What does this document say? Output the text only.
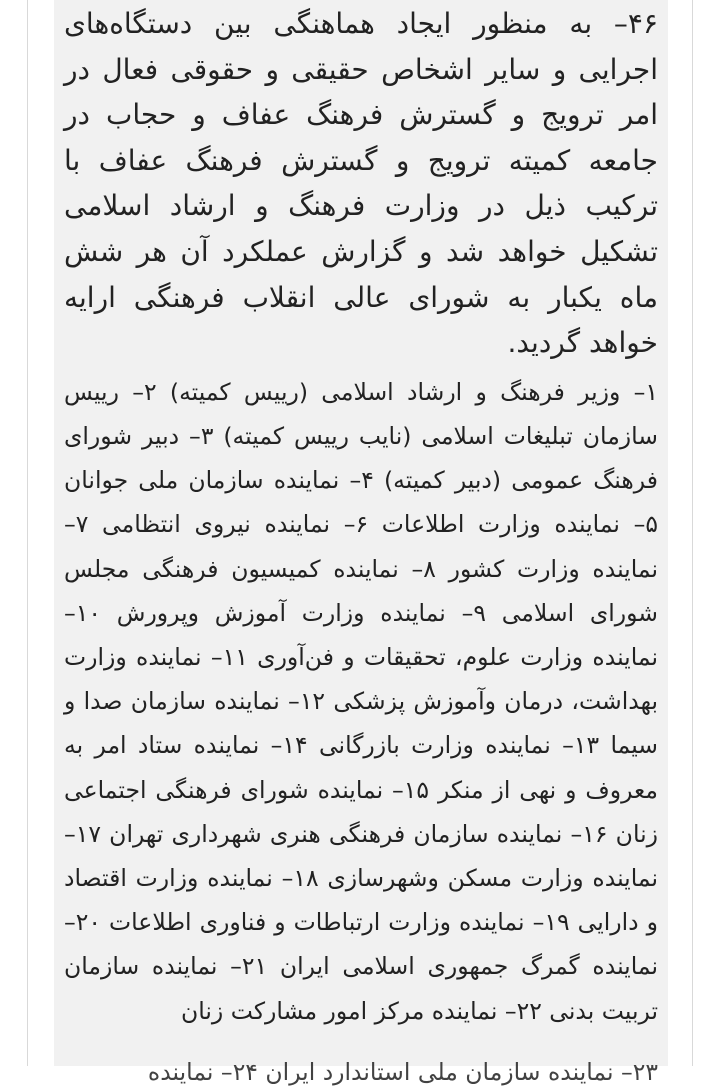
۴۶– به منظور ایجاد هماهنگی بین دستگاه‌های اجرایی و سایر اشخاص حقیقی و حقوقی فعال در امر ترویج و گسترش فرهنگ عفاف و حجاب در جامعه کمیته ترویج و گسترش فرهنگ عفاف با ترکیب ذیل در وزارت فرهنگ و ارشاد اسلامی تشکیل خواهد شد و گزارش عملکرد آن هر شش ماه یکبار به شورای عالی انقلاب فرهنگی ارایه خواهد گردید.

۱– وزیر فرهنگ و ارشاد اسلامی (رییس کمیته) ۲– رییس سازمان تبلیغات اسلامی (نایب رییس کمیته) ۳– دبیر شورای فرهنگ عمومی (دبیر کمیته) ۴– نماینده سازمان ملی جوانان ۵– نماینده وزارت اطلاعات ۶– نماینده نیروی انتظامی ۷– نماینده وزارت کشور ۸– نماینده کمیسیون فرهنگی مجلس شورای اسلامی ۹– نماینده وزارت آموزش وپرورش ۱۰– نماینده وزارت علوم، تحقیقات و فن‌آوری ۱۱– نماینده وزارت بهداشت، درمان وآموزش پزشکی ۱۲– نماینده سازمان صدا و سیما ۱۳– نماینده وزارت بازرگانی ۱۴– نماینده ستاد امر به معروف و نهی از منکر ۱۵– نماینده شورای فرهنگی اجتماعی زنان ۱۶– نماینده سازمان فرهنگی هنری شهرداری تهران ۱۷– نماینده وزارت مسکن وشهرسازی ۱۸– نماینده وزارت اقتصاد و دارایی ۱۹– نماینده وزارت ارتباطات و فناوری اطلاعات ۲۰– نماینده گمرگ جمهوری اسلامی ایران ۲۱– نماینده سازمان تربیت بدنی ۲۲– نماینده مرکز امور مشارکت زنان

۲۳– نماینده سازمان ملی استاندارد ایران ۲۴– نماینده
